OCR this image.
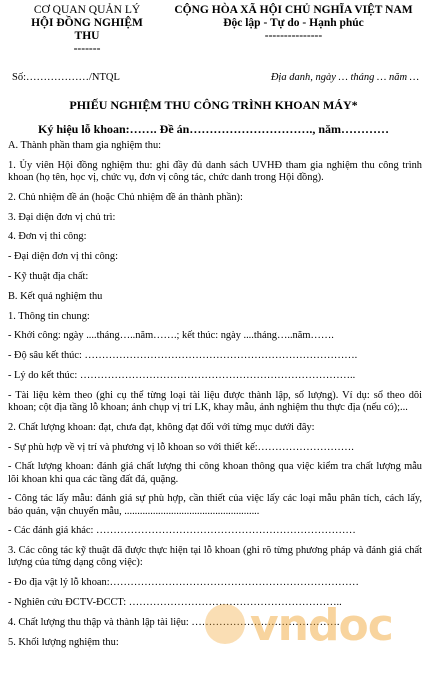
CƠ QUAN QUẢN LÝ
HỘI ĐỒNG NGHIỆM
THU
-------
CỘNG HÒA XÃ HỘI CHỦ NGHĨA VIỆT NAM
Độc lập - Tự do - Hạnh phúc
---------------
Số:………………/NTQL	Địa danh, ngày … tháng … năm …
PHIẾU NGHIỆM THU CÔNG TRÌNH KHOAN MÁY*
Ký hiệu lỗ khoan:……. Đề án…………………………., năm…………

A. Thành phần tham gia nghiệm thu:

1. Ủy viên Hội đồng nghiệm thu: ghi đầy đủ danh sách UVHĐ tham gia nghiệm thu công trình khoan (họ tên, học vị, chức vụ, đơn vị công tác, chức danh trong Hội đồng).

2. Chủ nhiệm đề án (hoặc Chủ nhiệm đề án thành phần):

3. Đại diện đơn vị chủ trì:

4. Đơn vị thi công:

- Đại diện đơn vị thi công:

- Kỹ thuật địa chất:

B. Kết quả nghiệm thu

1. Thông tin chung:

- Khởi công: ngày ....tháng…..năm…….; kết thúc: ngày ....tháng…..năm…….

- Độ sâu kết thúc: …………………………………………………………………….

- Lý do kết thúc: ……………………………………………………………………..

- Tài liệu kèm theo (ghi cụ thể từng loại tài liệu được thành lập, số lượng). Ví dụ: sổ theo dõi khoan; cột địa tầng lỗ khoan; ảnh chụp vị trí LK, khay mẫu, ảnh nghiệm thu thực địa (nếu có);...

2. Chất lượng khoan: đạt, chưa đạt, không đạt đối với từng mục dưới đây:

- Sự phù hợp về vị trí và phương vị lỗ khoan so với thiết kế:……………………….

- Chất lượng khoan: đánh giá chất lượng thi công khoan thông qua việc kiểm tra chất lượng mẫu lõi khoan khi qua các tầng đất đá, quặng.

- Công tác lấy mẫu: đánh giá sự phù hợp, cần thiết của việc lấy các loại mẫu phân tích, cách lấy, bảo quản, vận chuyển mẫu, ....................................................

- Các đánh giá khác: …………………………………………………………………

3. Các công tác kỹ thuật đã được thực hiện tại lỗ khoan (ghi rõ từng phương pháp và đánh giá chất lượng của từng dạng công việc):

- Đo địa vật lý lỗ khoan:………………………………………………………………

- Nghiên cứu ĐCTV-ĐCCT: ……………………………………………………..

4. Chất lượng thu thập và thành lập tài liệu: …………………………………….

5. Khối lượng nghiệm thu:	vndoc
